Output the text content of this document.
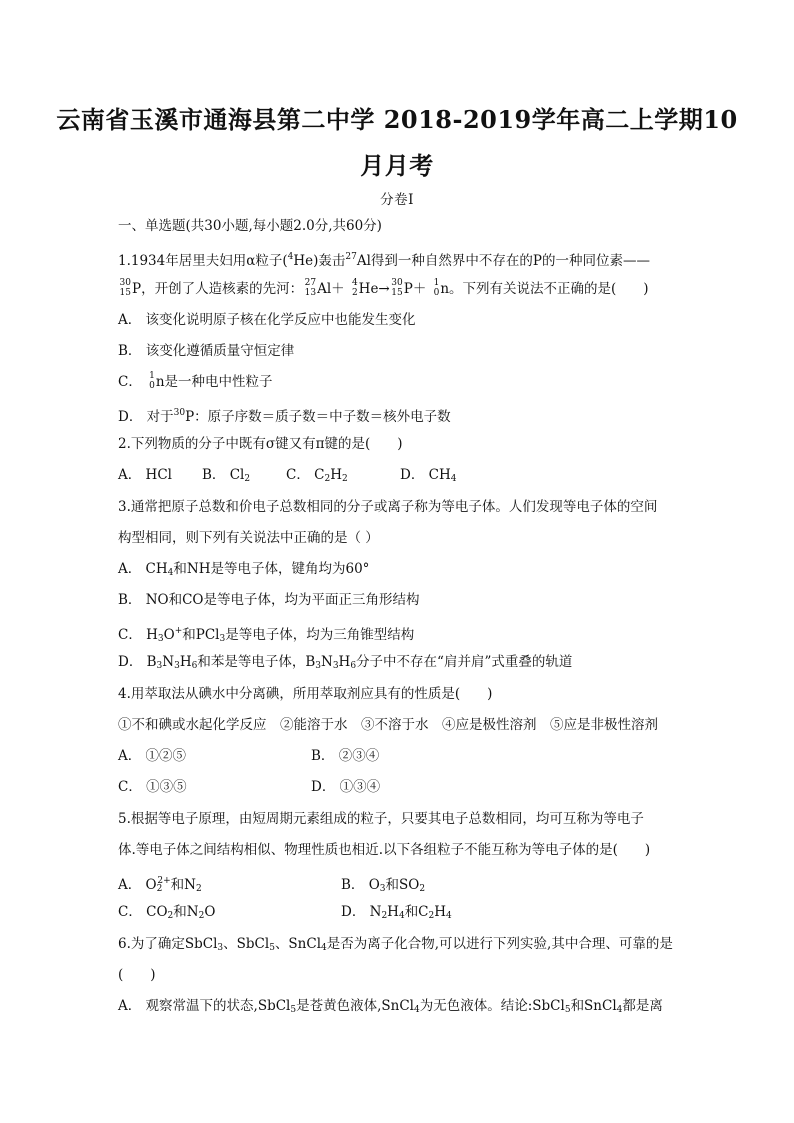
云南省玉溪市通海县第二中学 2018-2019学年高二上学期10
月月考
分卷I
一、单选题(共30小题,每小题2.0分,共60分)
1.1934年居里夫妇用α粒子($^4$He)轰击$^{27}$Al得到一种自然界中不存在的P的一种同位素——
30
15 P，开创了人造核素的先河： 27
13 Al＋ 4
2 He→ 30
15 P＋ 1
0 n。下列有关说法不正确的是(　　)
A． 该变化说明原子核在化学反应中也能发生变化
B． 该变化遵循质量守恒定律
C． 1
0 n是一种电中性粒子
D． 对于$^{30}$P：原子序数＝质子数＝中子数＝核外电子数
2.下列物质的分子中既有σ键又有π键的是(　　)
A． HCl B． $Cl_2$	C． $C_2H_2$	D． $CH_4$
3.通常把原子总数和价电子总数相同的分子或离子称为等电子体。人们发现等电子体的空间
构型相同，则下列有关说法中正确的是（ ）
A． $CH_4$和NH是等电子体，键角均为60°
B． NO和CO是等电子体，均为平面正三角形结构
C． $H_3O^+$和PCl$_3$是等电子体，均为三角锥型结构
D． $B_3N_3H_6$和苯是等电子体，$B_3N_3H_6$分子中不存在“肩并肩”式重叠的轨道
4.用萃取法从碘水中分离碘，所用萃取剂应具有的性质是(　　)
①不和碘或水起化学反应　②能溶于水　③不溶于水　④应是极性溶剂　⑤应是非极性溶剂
A． ①②⑤	B． ②③④
C． ①③⑤	D． ①③④
5.根据等电子原理，由短周期元素组成的粒子，只要其电子总数相同，均可互称为等电子
体.等电子体之间结构相似、物理性质也相近.以下各组粒子不能互称为等电子体的是(　　)
A． $O_2^{2+}$和$N_2$	B． $O_3$和$SO_2$
C． $CO_2$和$N_2O$	D． $N_2H_4$和$C_2H_4$
6.为了确定SbCl$_3$、SbCl$_5$、SnCl$_4$是否为离子化合物,可以进行下列实验,其中合理、可靠的是
(　　)
A． 观察常温下的状态,SbCl$_5$是苍黄色液体,SnCl$_4$为无色液体。结论:SbCl$_5$和SnCl$_4$都是离
